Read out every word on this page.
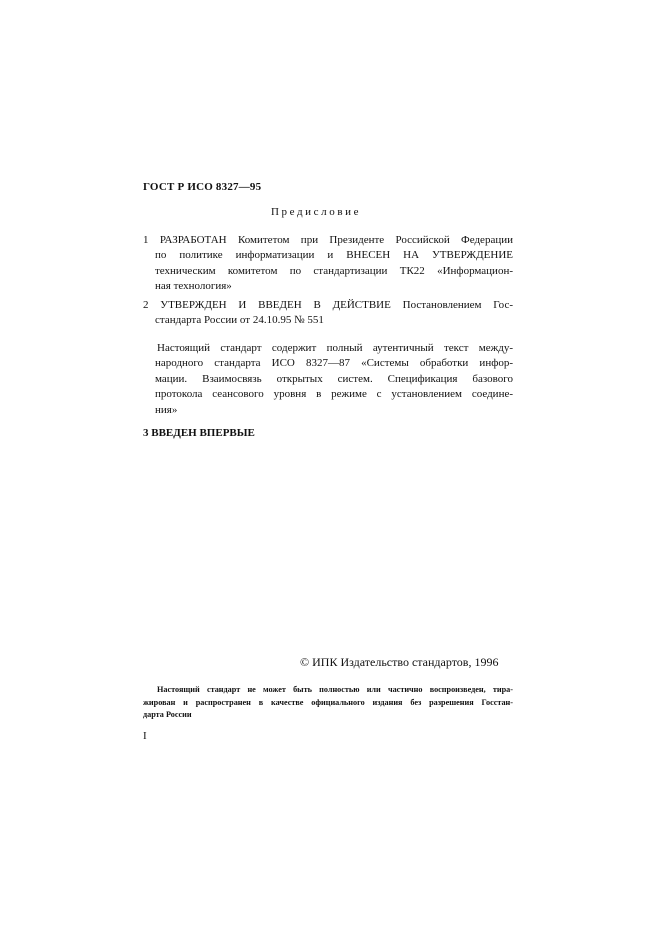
ГОСТ Р ИСО 8327—95
Предисловие
1 РАЗРАБОТАН Комитетом при Президенте Российской Федерации
по политике информатизации и ВНЕСЕН НА УТВЕРЖДЕНИЕ
техническим комитетом по стандартизации ТК22 «Информацион-
ная технология»
2 УТВЕРЖДЕН И ВВЕДЕН В ДЕЙСТВИЕ Постановлением Гос-
стандарта России от 24.10.95 № 551
Настоящий стандарт содержит полный аутентичный текст между-
народного стандарта ИСО 8327—87 «Системы обработки инфор-
мации. Взаимосвязь открытых систем. Спецификация базового
протокола сеансового уровня в режиме с установлением соедине-
ния»
3 ВВЕДЕН ВПЕРВЫЕ
© ИПК Издательство стандартов, 1996
Настоящий стандарт не может быть полностью или частично воспроизведен, тира-
жирован и распространен в качестве официального издания без разрешения Госстан-
дарта России
I
